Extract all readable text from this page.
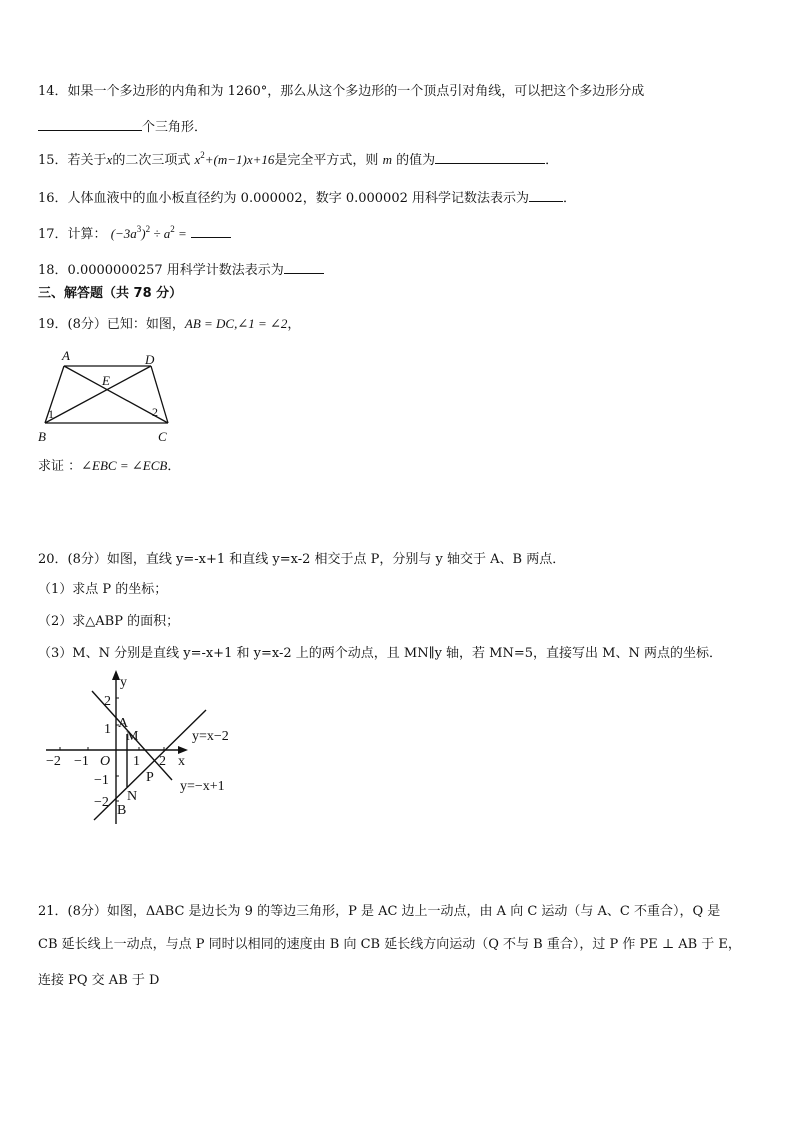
14．如果一个多边形的内角和为 1260°，那么从这个多边形的一个顶点引对角线，可以把这个多边形分成
个三角形．
15．若关于x的二次三项式 $x^2+(m-1)x+16$是完全平方式，则 m 的值为	．
16．人体血液中的血小板直径约为 0.000002，数字 0.000002 用科学记数法表示为	．
17．计算： $(-3a^3)^2 \div a^2$ =
18．0.0000000257 用科学计数法表示为
三、解答题（共 78 分）
19．(8分）已知：如图，AB = DC,∠1 = ∠2，
A	D
E
B	C
1	2
求证 ：∠EBC = ∠ECB．
20．(8分）如图，直线 y=-x+1 和直线 y=x-2 相交于点 P，分别与 y 轴交于 A、B 两点．
（1）求点 P 的坐标；
（2）求△ABP 的面积；
（3）M、N 分别是直线 y=-x+1 和 y=x-2 上的两个动点，且 MN∥y 轴，若 MN=5，直接写出 M、N 两点的坐标．
y
x
O
−2 −1	1 2
2
1
−1
−2
A
M
P
N
B
y=x−2
y=−x+1
21．(8分）如图，ΔABC 是边长为 9 的等边三角形，P 是 AC 边上一动点，由 A 向 C 运动（与 A、C 不重合），Q 是
CB 延长线上一动点，与点 P 同时以相同的速度由 B 向 CB 延长线方向运动（Q 不与 B 重合），过 P 作 PE ⊥ AB 于 E，
连接 PQ 交 AB 于 D
